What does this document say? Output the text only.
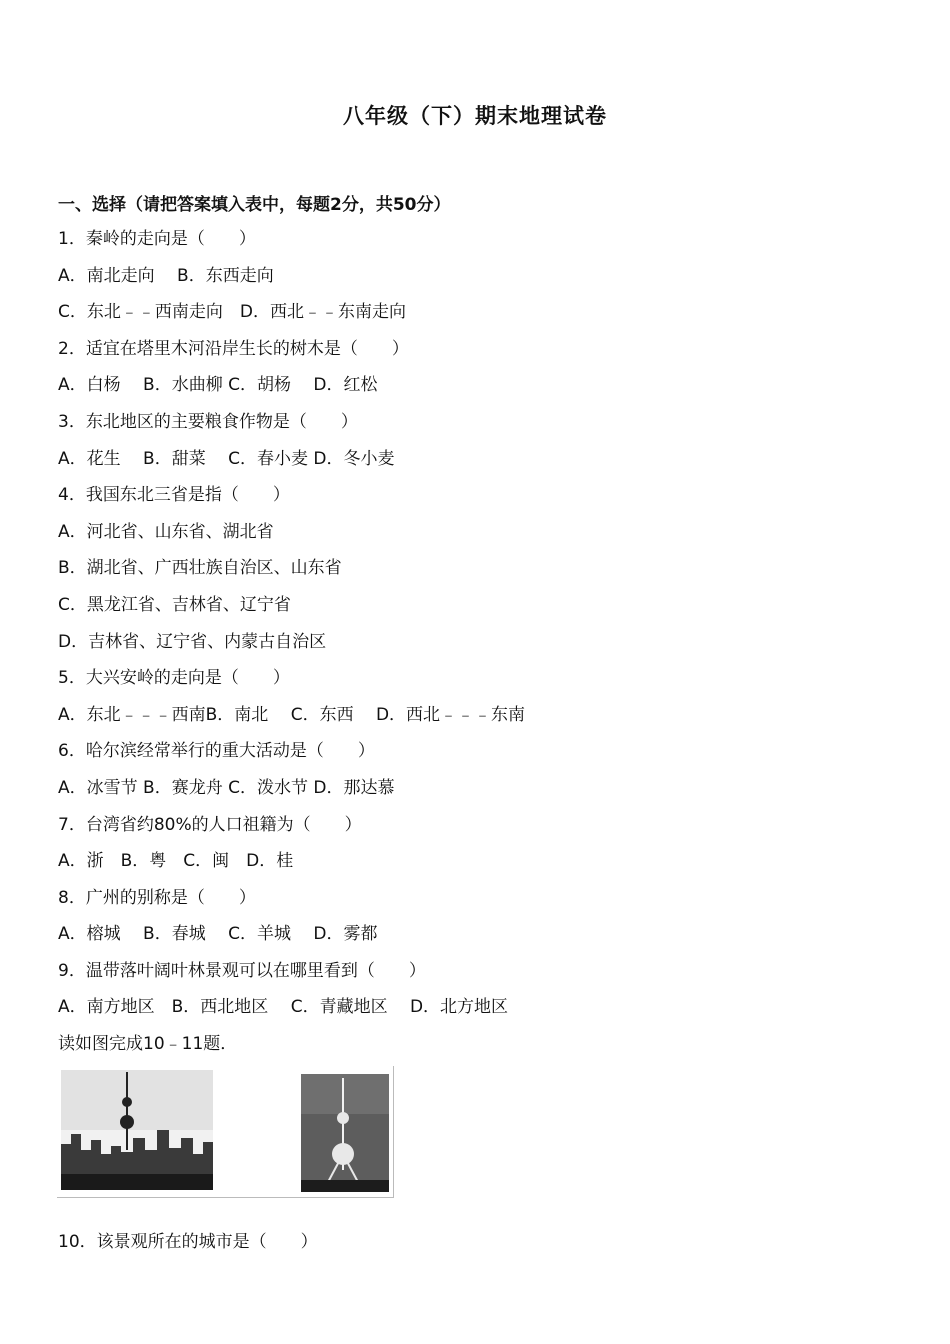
八年级（下）期末地理试卷
一、选择（请把答案填入表中，每题2分，共50分）
1．秦岭的走向是（　　）
A．南北走向　 B．东西走向
C．东北﹣﹣西南走向　D．西北﹣﹣东南走向
2．适宜在塔里木河沿岸生长的树木是（　　）
A．白杨　 B．水曲柳 C．胡杨　 D．红松
3．东北地区的主要粮食作物是（　　）
A．花生　 B．甜菜　 C．春小麦 D．冬小麦
4．我国东北三省是指（　　）
A．河北省、山东省、湖北省
B．湖北省、广西壮族自治区、山东省
C．黑龙江省、吉林省、辽宁省
D．吉林省、辽宁省、内蒙古自治区
5．大兴安岭的走向是（　　）
A．东北﹣﹣﹣西南B．南北　 C．东西　 D．西北﹣﹣﹣东南
6．哈尔滨经常举行的重大活动是（　　）
A．冰雪节 B．赛龙舟 C．泼水节 D．那达慕
7．台湾省约80%的人口祖籍为（　　）
A．浙　B．粤　C．闽　D．桂
8．广州的别称是（　　）
A．榕城　 B．春城　 C．羊城　 D．雾都
9．温带落叶阔叶林景观可以在哪里看到（　　）
A．南方地区　B．西北地区　 C．青藏地区　 D．北方地区
读如图完成10﹣11题．
10．该景观所在的城市是（　　）
